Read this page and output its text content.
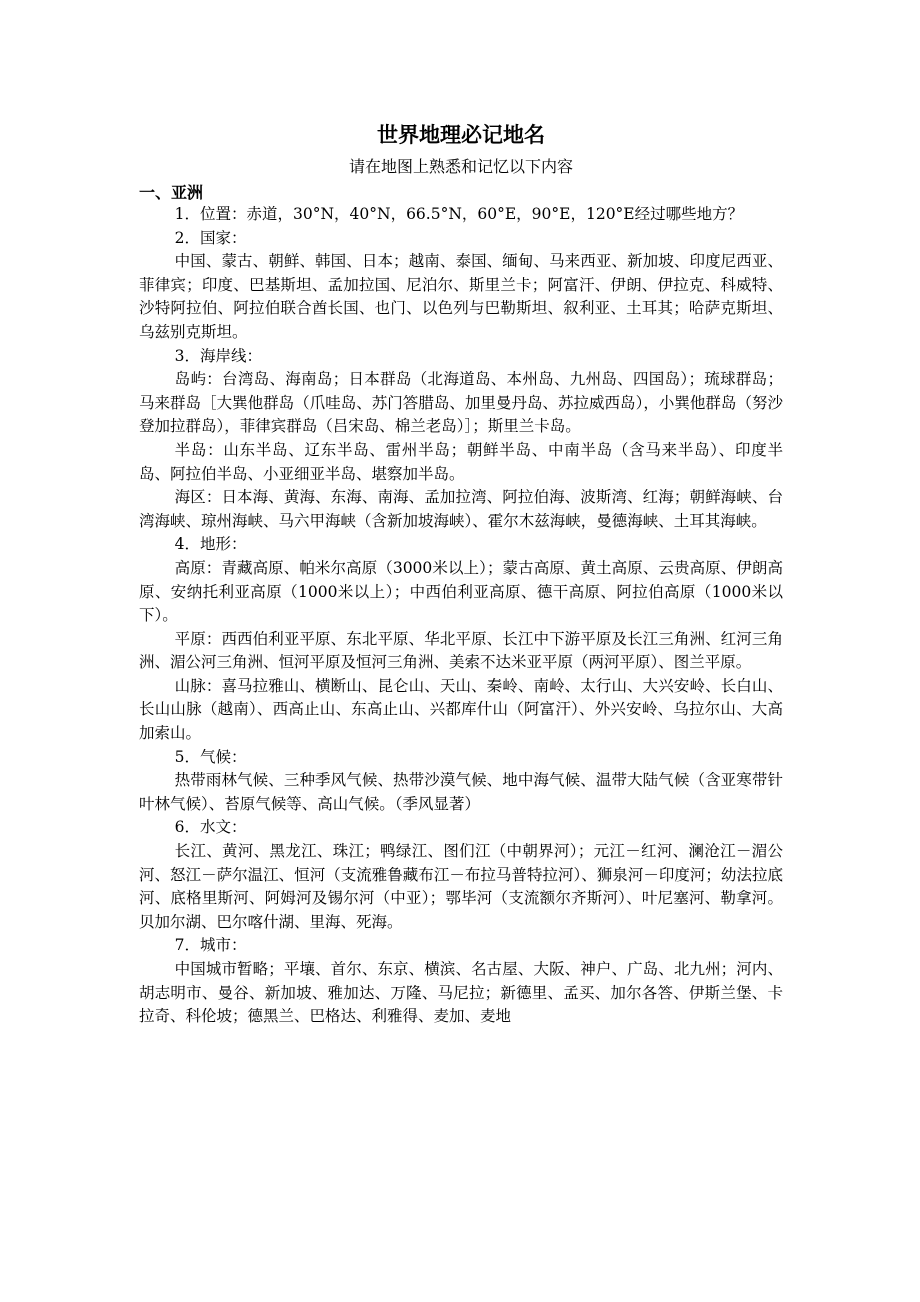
世界地理必记地名

请在地图上熟悉和记忆以下内容

一、亚洲

1．位置：赤道，30°N，40°N，66.5°N，60°E，90°E，120°E经过哪些地方？

2．国家：

中国、蒙古、朝鲜、韩国、日本；越南、泰国、缅甸、马来西亚、新加坡、印度尼西亚、菲律宾；印度、巴基斯坦、孟加拉国、尼泊尔、斯里兰卡；阿富汗、伊朗、伊拉克、科威特、沙特阿拉伯、阿拉伯联合酋长国、也门、以色列与巴勒斯坦、叙利亚、土耳其；哈萨克斯坦、乌兹别克斯坦。

3．海岸线：

岛屿：台湾岛、海南岛；日本群岛（北海道岛、本州岛、九州岛、四国岛）；琉球群岛；马来群岛［大巽他群岛（爪哇岛、苏门答腊岛、加里曼丹岛、苏拉威西岛），小巽他群岛（努沙登加拉群岛），菲律宾群岛（吕宋岛、棉兰老岛）］；斯里兰卡岛。

半岛：山东半岛、辽东半岛、雷州半岛；朝鲜半岛、中南半岛（含马来半岛）、印度半岛、阿拉伯半岛、小亚细亚半岛、堪察加半岛。

海区：日本海、黄海、东海、南海、孟加拉湾、阿拉伯海、波斯湾、红海；朝鲜海峡、台湾海峡、琼州海峡、马六甲海峡（含新加坡海峡）、霍尔木兹海峡，曼德海峡、土耳其海峡。

4．地形：

高原：青藏高原、帕米尔高原（3000米以上）；蒙古高原、黄土高原、云贵高原、伊朗高原、安纳托利亚高原（1000米以上）；中西伯利亚高原、德干高原、阿拉伯高原（1000米以下）。

平原：西西伯利亚平原、东北平原、华北平原、长江中下游平原及长江三角洲、红河三角洲、湄公河三角洲、恒河平原及恒河三角洲、美索不达米亚平原（两河平原）、图兰平原。

山脉：喜马拉雅山、横断山、昆仑山、天山、秦岭、南岭、太行山、大兴安岭、长白山、长山山脉（越南）、西高止山、东高止山、兴都库什山（阿富汗）、外兴安岭、乌拉尔山、大高加索山。

5．气候：

热带雨林气候、三种季风气候、热带沙漠气候、地中海气候、温带大陆气候（含亚寒带针叶林气候）、苔原气候等、高山气候。（季风显著）

6．水文：

长江、黄河、黑龙江、珠江；鸭绿江、图们江（中朝界河）；元江－红河、澜沧江－湄公河、怒江－萨尔温江、恒河（支流雅鲁藏布江－布拉马普特拉河）、狮泉河－印度河；幼法拉底河、底格里斯河、阿姆河及锡尔河（中亚）；鄂毕河（支流额尔齐斯河）、叶尼塞河、勒拿河。贝加尔湖、巴尔喀什湖、里海、死海。

7．城市：

中国城市暂略；平壤、首尔、东京、横滨、名古屋、大阪、神户、广岛、北九州；河内、胡志明市、曼谷、新加坡、雅加达、万隆、马尼拉；新德里、孟买、加尔各答、伊斯兰堡、卡拉奇、科伦坡；德黑兰、巴格达、利雅得、麦加、麦地
